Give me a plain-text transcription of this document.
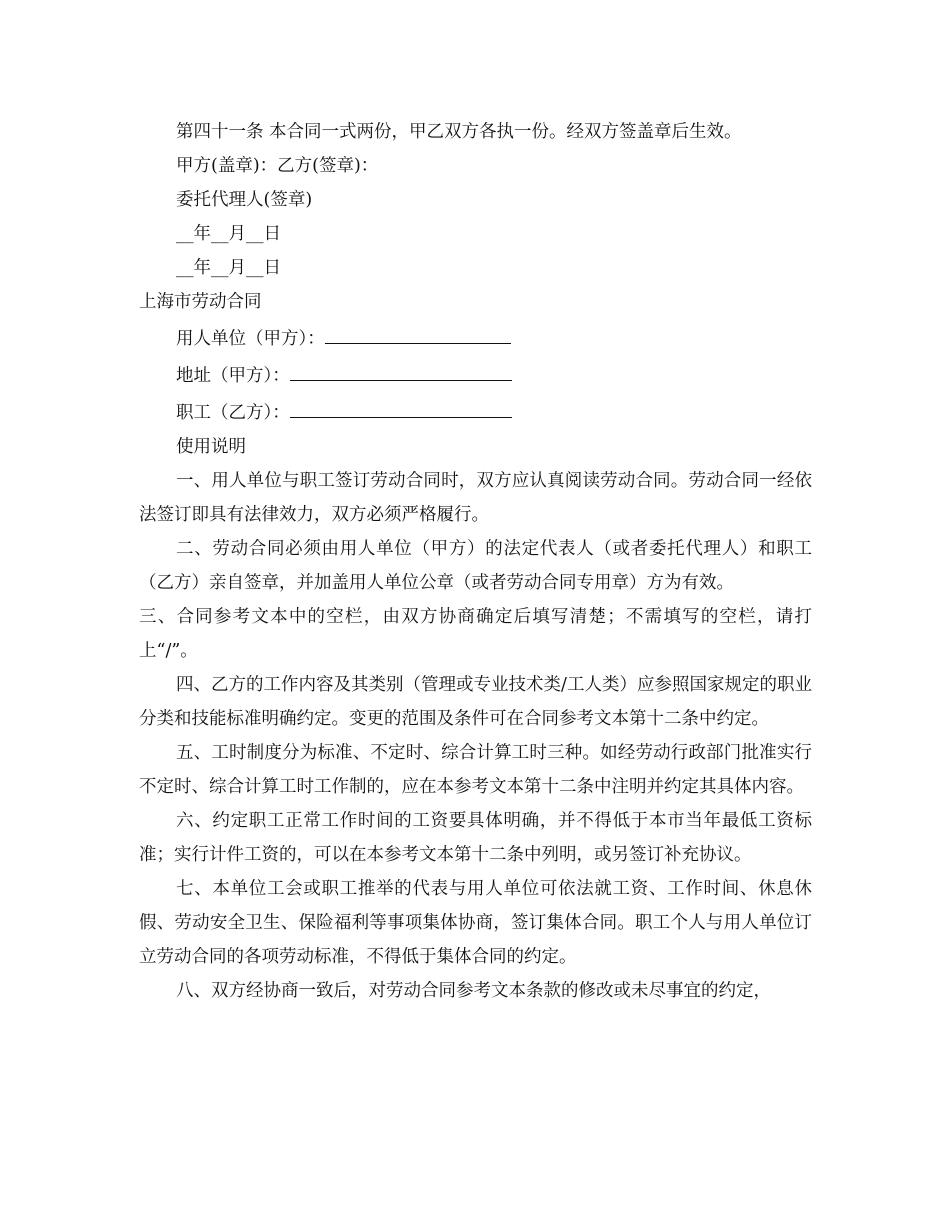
第四十一条 本合同一式两份，甲乙双方各执一份。经双方签盖章后生效。

甲方(盖章)：乙方(签章)：

委托代理人(签章)

__年__月__日

__年__月__日

上海市劳动合同

用人单位（甲方）：

地址（甲方）：

职工（乙方）：

使用说明

一、用人单位与职工签订劳动合同时，双方应认真阅读劳动合同。劳动合同一经依法签订即具有法律效力，双方必须严格履行。

二、劳动合同必须由用人单位（甲方）的法定代表人（或者委托代理人）和职工（乙方）亲自签章，并加盖用人单位公章（或者劳动合同专用章）方为有效。

三、合同参考文本中的空栏，由双方协商确定后填写清楚；不需填写的空栏，请打上“/”。

四、乙方的工作内容及其类别（管理或专业技术类/工人类）应参照国家规定的职业分类和技能标准明确约定。变更的范围及条件可在合同参考文本第十二条中约定。

五、工时制度分为标准、不定时、综合计算工时三种。如经劳动行政部门批准实行不定时、综合计算工时工作制的，应在本参考文本第十二条中注明并约定其具体内容。

六、约定职工正常工作时间的工资要具体明确，并不得低于本市当年最低工资标准；实行计件工资的，可以在本参考文本第十二条中列明，或另签订补充协议。

七、本单位工会或职工推举的代表与用人单位可依法就工资、工作时间、休息休假、劳动安全卫生、保险福利等事项集体协商，签订集体合同。职工个人与用人单位订立劳动合同的各项劳动标准，不得低于集体合同的约定。

八、双方经协商一致后，对劳动合同参考文本条款的修改或未尽事宜的约定，
